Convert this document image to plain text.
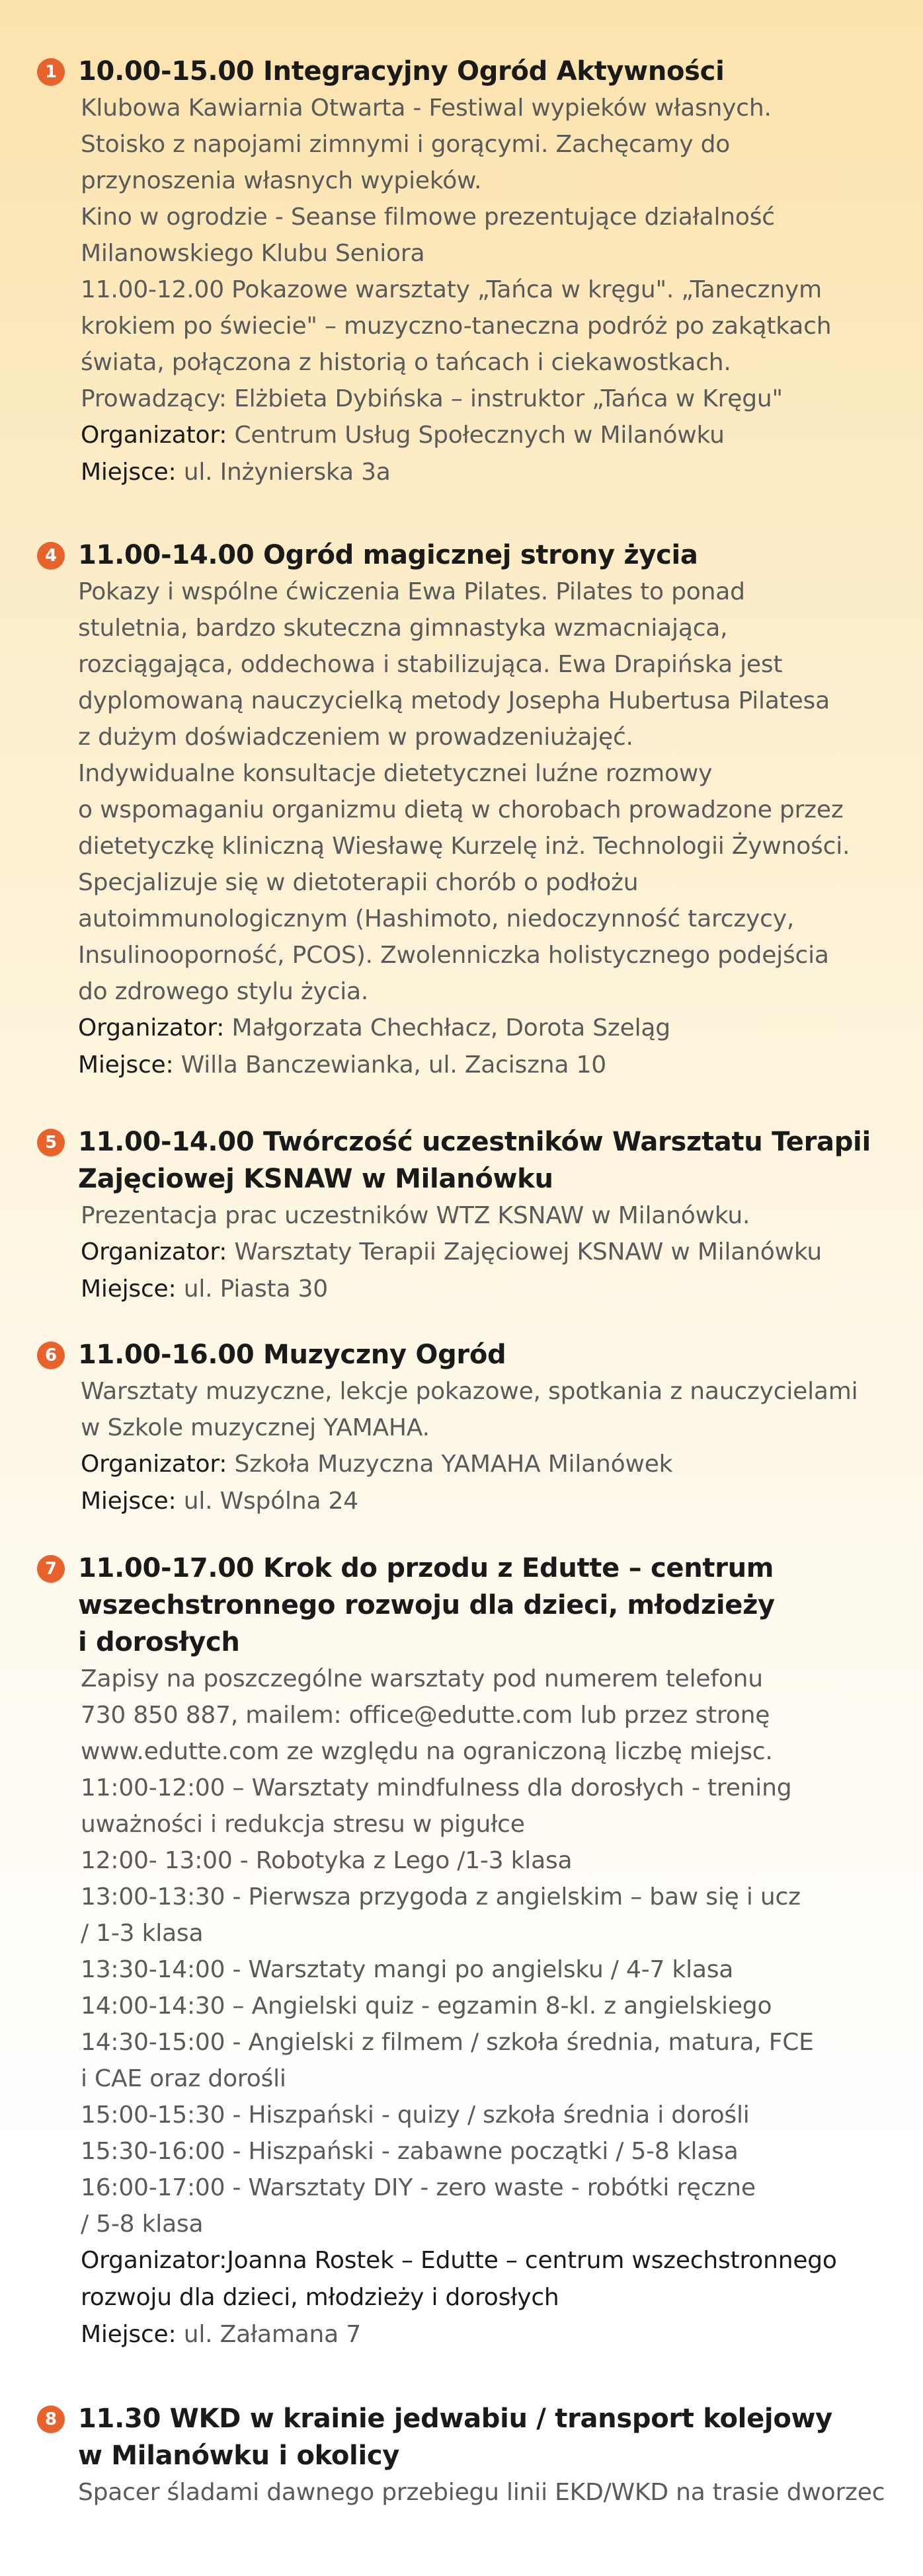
1 10.00-15.00 Integracyjny Ogród Aktywności
Klubowa Kawiarnia Otwarta - Festiwal wypieków własnych.
Stoisko z napojami zimnymi i gorącymi. Zachęcamy do
przynoszenia własnych wypieków.
Kino w ogrodzie - Seanse filmowe prezentujące działalność
Milanowskiego Klubu Seniora
11.00-12.00 Pokazowe warsztaty „Tańca w kręgu". „Tanecznym
krokiem po świecie" – muzyczno-taneczna podróż po zakątkach
świata, połączona z historią o tańcach i ciekawostkach.
Prowadzący: Elżbieta Dybińska – instruktor „Tańca w Kręgu"
Organizator: Centrum Usług Społecznych w Milanówku
Miejsce: ul. Inżynierska 3a
4 11.00-14.00 Ogród magicznej strony życia
Pokazy i wspólne ćwiczenia Ewa Pilates. Pilates to ponad
stuletnia, bardzo skuteczna gimnastyka wzmacniająca,
rozciągająca, oddechowa i stabilizująca. Ewa Drapińska jest
dyplomowaną nauczycielką metody Josepha Hubertusa Pilatesa
z dużym doświadczeniem w prowadzeniużajęć.
Indywidualne konsultacje dietetycznei luźne rozmowy
o wspomaganiu organizmu dietą w chorobach prowadzone przez
dietetyczkę kliniczną Wiesławę Kurzelę inż. Technologii Żywności.
Specjalizuje się w dietoterapii chorób o podłożu
autoimmunologicznym (Hashimoto, niedoczynność tarczycy,
Insulinooporność, PCOS). Zwolenniczka holistycznego podejścia
do zdrowego stylu życia.
Organizator: Małgorzata Chechłacz, Dorota Szeląg
Miejsce: Willa Banczewianka, ul. Zaciszna 10
5 11.00-14.00 Twórczość uczestników Warsztatu Terapii
Zajęciowej KSNAW w Milanówku
Prezentacja prac uczestników WTZ KSNAW w Milanówku.
Organizator: Warsztaty Terapii Zajęciowej KSNAW w Milanówku
Miejsce: ul. Piasta 30
6 11.00-16.00 Muzyczny Ogród
Warsztaty muzyczne, lekcje pokazowe, spotkania z nauczycielami
w Szkole muzycznej YAMAHA.
Organizator: Szkoła Muzyczna YAMAHA Milanówek
Miejsce: ul. Wspólna 24
7 11.00-17.00 Krok do przodu z Edutte – centrum
wszechstronnego rozwoju dla dzieci, młodzieży
i dorosłych
Zapisy na poszczególne warsztaty pod numerem telefonu
730 850 887, mailem: office@edutte.com lub przez stronę
www.edutte.com ze względu na ograniczoną liczbę miejsc.
11:00-12:00 – Warsztaty mindfulness dla dorosłych - trening
uważności i redukcja stresu w pigułce
12:00- 13:00 - Robotyka z Lego /1-3 klasa
13:00-13:30 - Pierwsza przygoda z angielskim – baw się i ucz
/ 1-3 klasa
13:30-14:00 - Warsztaty mangi po angielsku / 4-7 klasa
14:00-14:30 – Angielski quiz - egzamin 8-kl. z angielskiego
14:30-15:00 - Angielski z filmem / szkoła średnia, matura, FCE
i CAE oraz dorośli
15:00-15:30 - Hiszpański - quizy / szkoła średnia i dorośli
15:30-16:00 - Hiszpański - zabawne początki / 5-8 klasa
16:00-17:00 - Warsztaty DIY - zero waste - robótki ręczne
/ 5-8 klasa
Organizator:Joanna Rostek – Edutte – centrum wszechstronnego
rozwoju dla dzieci, młodzieży i dorosłych
Miejsce: ul. Załamana 7
8 11.30 WKD w krainie jedwabiu / transport kolejowy
w Milanówku i okolicy
Spacer śladami dawnego przebiegu linii EKD/WKD na trasie dworzec
